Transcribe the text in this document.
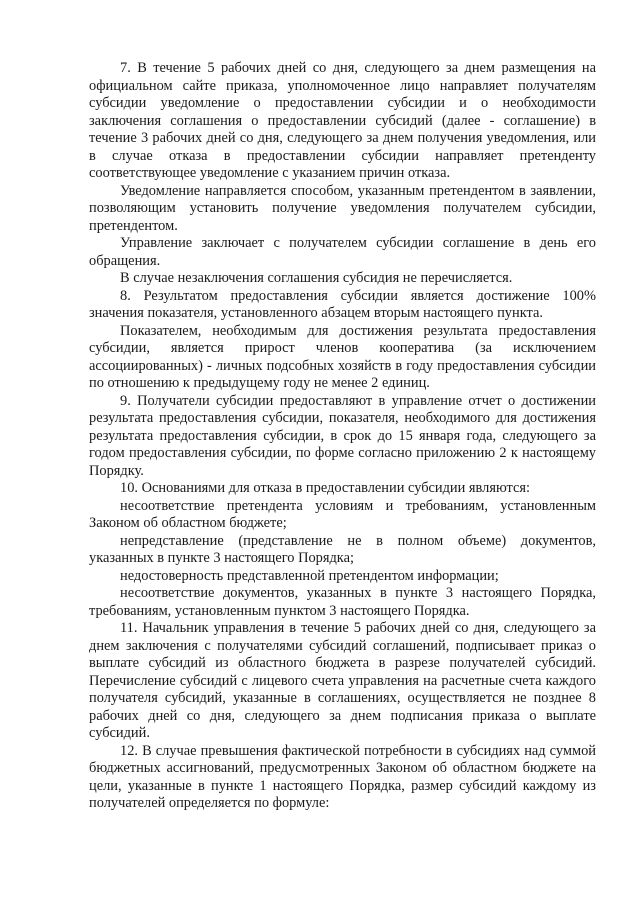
7. В течение 5 рабочих дней со дня, следующего за днем размещения на официальном сайте приказа, уполномоченное лицо направляет получателям субсидии уведомление о предоставлении субсидии и о необходимости заключения соглашения о предоставлении субсидий (далее - соглашение) в течение 3 рабочих дней со дня, следующего за днем получения уведомления, или в случае отказа в предоставлении субсидии направляет претенденту соответствующее уведомление с указанием причин отказа.

Уведомление направляется способом, указанным претендентом в заявлении, позволяющим установить получение уведомления получателем субсидии, претендентом.

Управление заключает с получателем субсидии соглашение в день его обращения.

В случае незаключения соглашения субсидия не перечисляется.

8. Результатом предоставления субсидии является достижение 100% значения показателя, установленного абзацем вторым настоящего пункта.

Показателем, необходимым для достижения результата предоставления субсидии, является прирост членов кооператива (за исключением ассоциированных) - личных подсобных хозяйств в году предоставления субсидии по отношению к предыдущему году не менее 2 единиц.

9. Получатели субсидии предоставляют в управление отчет о достижении результата предоставления субсидии, показателя, необходимого для достижения результата предоставления субсидии, в срок до 15 января года, следующего за годом предоставления субсидии, по форме согласно приложению 2 к настоящему Порядку.

10. Основаниями для отказа в предоставлении субсидии являются:

несоответствие претендента условиям и требованиям, установленным Законом об областном бюджете;

непредставление (представление не в полном объеме) документов, указанных в пункте 3 настоящего Порядка;

недостоверность представленной претендентом информации;

несоответствие документов, указанных в пункте 3 настоящего Порядка, требованиям, установленным пунктом 3 настоящего Порядка.

11. Начальник управления в течение 5 рабочих дней со дня, следующего за днем заключения с получателями субсидий соглашений, подписывает приказ о выплате субсидий из областного бюджета в разрезе получателей субсидий. Перечисление субсидий с лицевого счета управления на расчетные счета каждого получателя субсидий, указанные в соглашениях, осуществляется не позднее 8 рабочих дней со дня, следующего за днем подписания приказа о выплате субсидий.

12. В случае превышения фактической потребности в субсидиях над суммой бюджетных ассигнований, предусмотренных Законом об областном бюджете на цели, указанные в пункте 1 настоящего Порядка, размер субсидий каждому из получателей определяется по формуле:
